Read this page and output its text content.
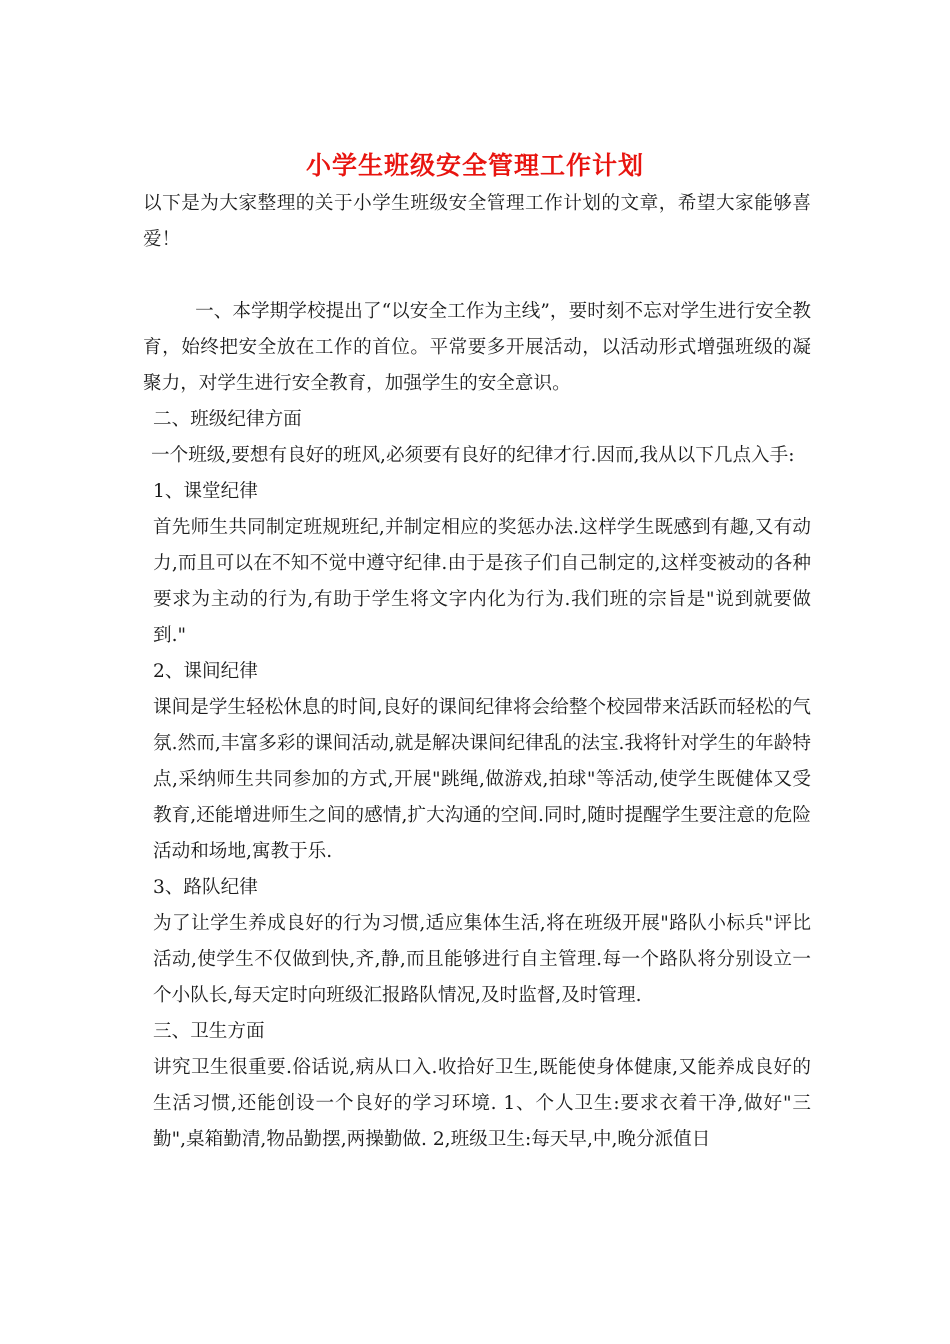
小学生班级安全管理工作计划

以下是为大家整理的关于小学生班级安全管理工作计划的文章，希望大家能够喜爱！

一、本学期学校提出了“以安全工作为主线”，要时刻不忘对学生进行安全教育，始终把安全放在工作的首位。平常要多开展活动，以活动形式增强班级的凝聚力，对学生进行安全教育，加强学生的安全意识。

二、班级纪律方面

一个班级,要想有良好的班风,必须要有良好的纪律才行.因而,我从以下几点入手:

1、课堂纪律

首先师生共同制定班规班纪,并制定相应的奖惩办法.这样学生既感到有趣,又有动力,而且可以在不知不觉中遵守纪律.由于是孩子们自己制定的,这样变被动的各种要求为主动的行为,有助于学生将文字内化为行为.我们班的宗旨是"说到就要做到."

2、课间纪律

课间是学生轻松休息的时间,良好的课间纪律将会给整个校园带来活跃而轻松的气氛.然而,丰富多彩的课间活动,就是解决课间纪律乱的法宝.我将针对学生的年龄特点,采纳师生共同参加的方式,开展"跳绳,做游戏,拍球"等活动,使学生既健体又受教育,还能增进师生之间的感情,扩大沟通的空间.同时,随时提醒学生要注意的危险活动和场地,寓教于乐.

3、路队纪律

为了让学生养成良好的行为习惯,适应集体生活,将在班级开展"路队小标兵"评比活动,使学生不仅做到快,齐,静,而且能够进行自主管理.每一个路队将分别设立一个小队长,每天定时向班级汇报路队情况,及时监督,及时管理.

三、卫生方面

讲究卫生很重要.俗话说,病从口入.收拾好卫生,既能使身体健康,又能养成良好的生活习惯,还能创设一个良好的学习环境. 1、个人卫生:要求衣着干净,做好"三勤",桌箱勤清,物品勤摆,两操勤做. 2,班级卫生:每天早,中,晚分派值日
